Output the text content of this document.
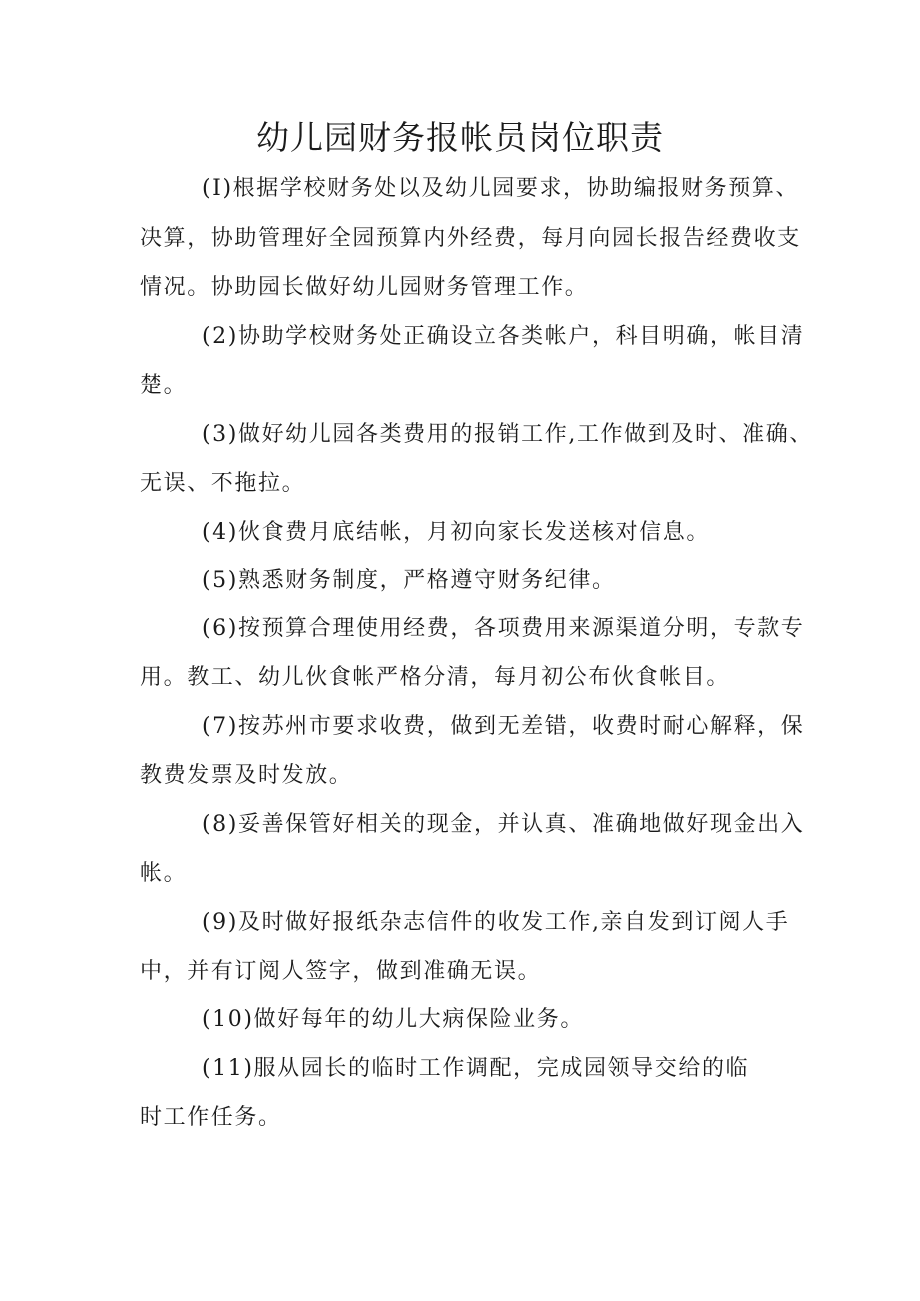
幼儿园财务报帐员岗位职责
(I)根据学校财务处以及幼儿园要求，协助编报财务预算、
决算，协助管理好全园预算内外经费，每月向园长报告经费收支
情况。协助园长做好幼儿园财务管理工作。
(2)协助学校财务处正确设立各类帐户，科目明确，帐目清
楚。
(3)做好幼儿园各类费用的报销工作,工作做到及时、准确、
无误、不拖拉。
(4)伙食费月底结帐，月初向家长发送核对信息。
(5)熟悉财务制度，严格遵守财务纪律。
(6)按预算合理使用经费，各项费用来源渠道分明，专款专
用。教工、幼儿伙食帐严格分清，每月初公布伙食帐目。
(7)按苏州市要求收费，做到无差错，收费时耐心解释，保
教费发票及时发放。
(8)妥善保管好相关的现金，并认真、准确地做好现金出入
帐。
(9)及时做好报纸杂志信件的收发工作,亲自发到订阅人手
中，并有订阅人签字，做到准确无误。
(10)做好每年的幼儿大病保险业务。
(11)服从园长的临时工作调配，完成园领导交给的临
时工作任务。
